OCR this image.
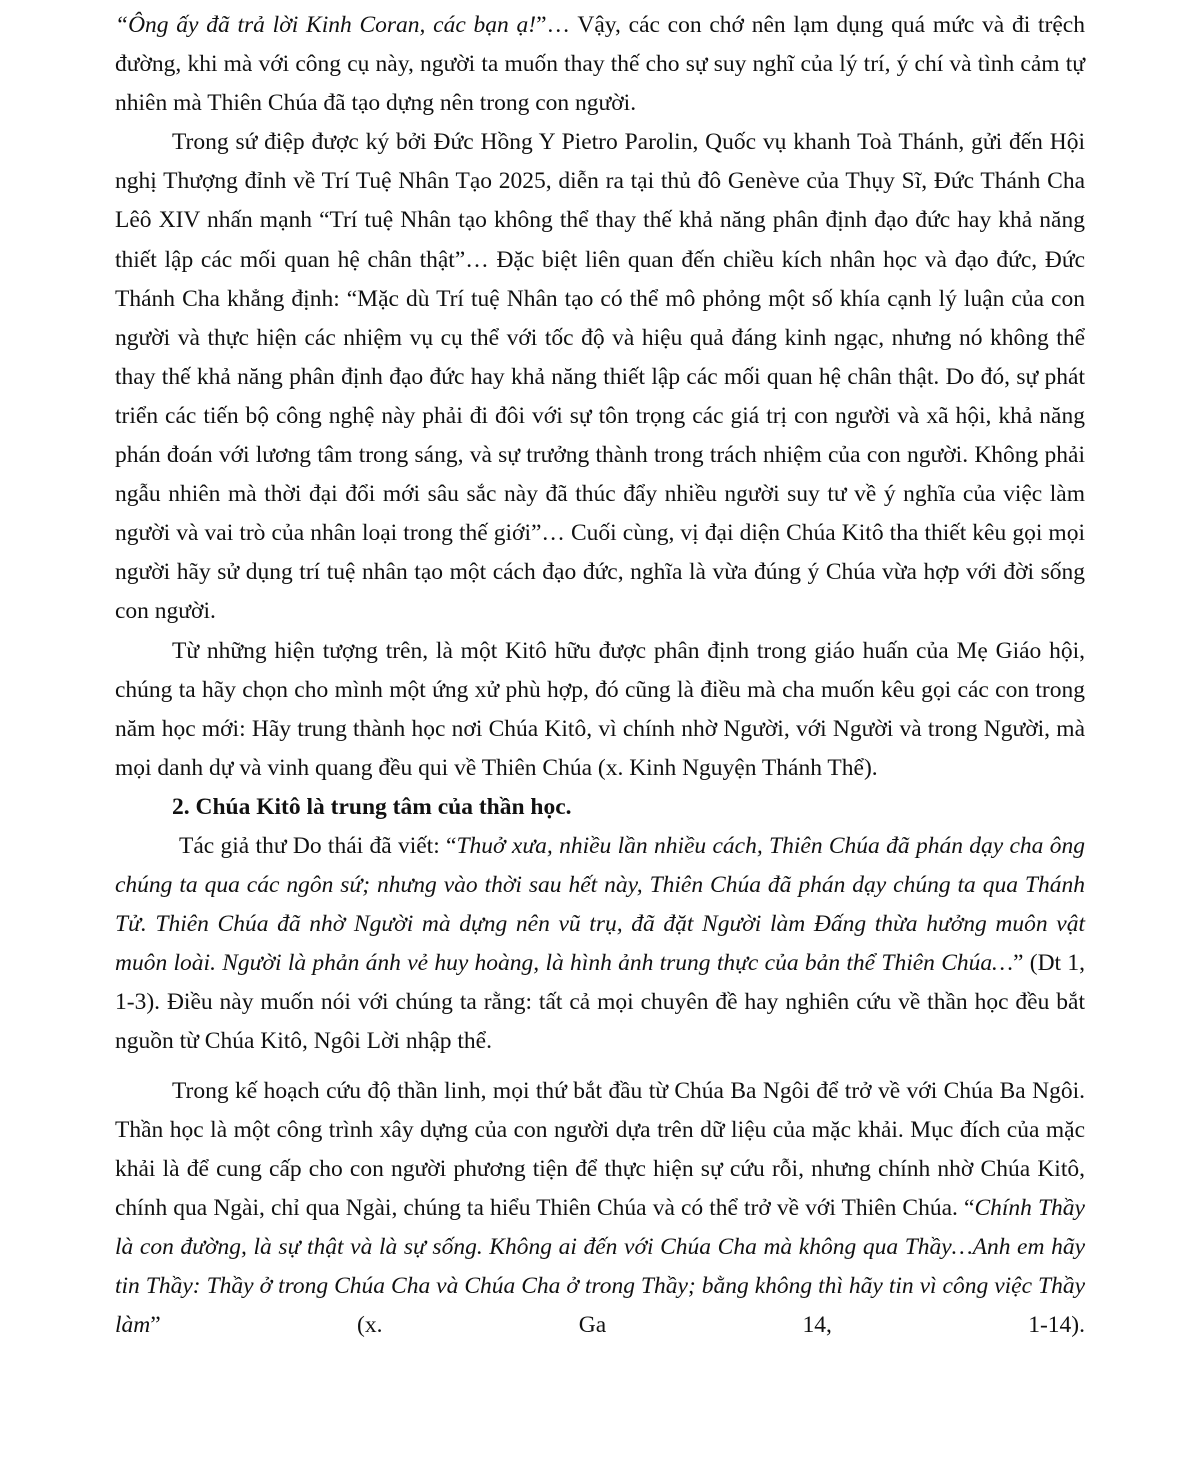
“Ông ấy đã trả lời Kinh Coran, các bạn ạ!”… Vậy, các con chớ nên lạm dụng quá mức và đi trệch đường, khi mà với công cụ này, người ta muốn thay thế cho sự suy nghĩ của lý trí, ý chí và tình cảm tự nhiên mà Thiên Chúa đã tạo dựng nên trong con người.

Trong sứ điệp được ký bởi Đức Hồng Y Pietro Parolin, Quốc vụ khanh Toà Thánh, gửi đến Hội nghị Thượng đỉnh về Trí Tuệ Nhân Tạo 2025, diễn ra tại thủ đô Genève của Thụy Sĩ, Đức Thánh Cha Lêô XIV nhấn mạnh “Trí tuệ Nhân tạo không thể thay thế khả năng phân định đạo đức hay khả năng thiết lập các mối quan hệ chân thật”… Đặc biệt liên quan đến chiều kích nhân học và đạo đức, Đức Thánh Cha khẳng định: “Mặc dù Trí tuệ Nhân tạo có thể mô phỏng một số khía cạnh lý luận của con người và thực hiện các nhiệm vụ cụ thể với tốc độ và hiệu quả đáng kinh ngạc, nhưng nó không thể thay thế khả năng phân định đạo đức hay khả năng thiết lập các mối quan hệ chân thật. Do đó, sự phát triển các tiến bộ công nghệ này phải đi đôi với sự tôn trọng các giá trị con người và xã hội, khả năng phán đoán với lương tâm trong sáng, và sự trưởng thành trong trách nhiệm của con người. Không phải ngẫu nhiên mà thời đại đổi mới sâu sắc này đã thúc đẩy nhiều người suy tư về ý nghĩa của việc làm người và vai trò của nhân loại trong thế giới”… Cuối cùng, vị đại diện Chúa Kitô tha thiết kêu gọi mọi người hãy sử dụng trí tuệ nhân tạo một cách đạo đức, nghĩa là vừa đúng ý Chúa vừa hợp với đời sống con người.

Từ những hiện tượng trên, là một Kitô hữu được phân định trong giáo huấn của Mẹ Giáo hội, chúng ta hãy chọn cho mình một ứng xử phù hợp, đó cũng là điều mà cha muốn kêu gọi các con trong năm học mới: Hãy trung thành học nơi Chúa Kitô, vì chính nhờ Người, với Người và trong Người, mà mọi danh dự và vinh quang đều qui về Thiên Chúa (x. Kinh Nguyện Thánh Thể).

2. Chúa Kitô là trung tâm của thần học.

Tác giả thư Do thái đã viết: “Thuở xưa, nhiều lần nhiều cách, Thiên Chúa đã phán dạy cha ông chúng ta qua các ngôn sứ; nhưng vào thời sau hết này, Thiên Chúa đã phán dạy chúng ta qua Thánh Tử. Thiên Chúa đã nhờ Người mà dựng nên vũ trụ, đã đặt Người làm Đấng thừa hưởng muôn vật muôn loài. Người là phản ánh vẻ huy hoàng, là hình ảnh trung thực của bản thể Thiên Chúa…” (Dt 1, 1-3). Điều này muốn nói với chúng ta rằng: tất cả mọi chuyên đề hay nghiên cứu về thần học đều bắt nguồn từ Chúa Kitô, Ngôi Lời nhập thể.

Trong kế hoạch cứu độ thần linh, mọi thứ bắt đầu từ Chúa Ba Ngôi để trở về với Chúa Ba Ngôi. Thần học là một công trình xây dựng của con người dựa trên dữ liệu của mặc khải. Mục đích của mặc khải là để cung cấp cho con người phương tiện để thực hiện sự cứu rỗi, nhưng chính nhờ Chúa Kitô, chính qua Ngài, chỉ qua Ngài, chúng ta hiểu Thiên Chúa và có thể trở về với Thiên Chúa. “Chính Thầy là con đường, là sự thật và là sự sống. Không ai đến với Chúa Cha mà không qua Thầy…Anh em hãy tin Thầy: Thầy ở trong Chúa Cha và Chúa Cha ở trong Thầy; bằng không thì hãy tin vì công việc Thầy làm” (x. Ga 14, 1-14).
